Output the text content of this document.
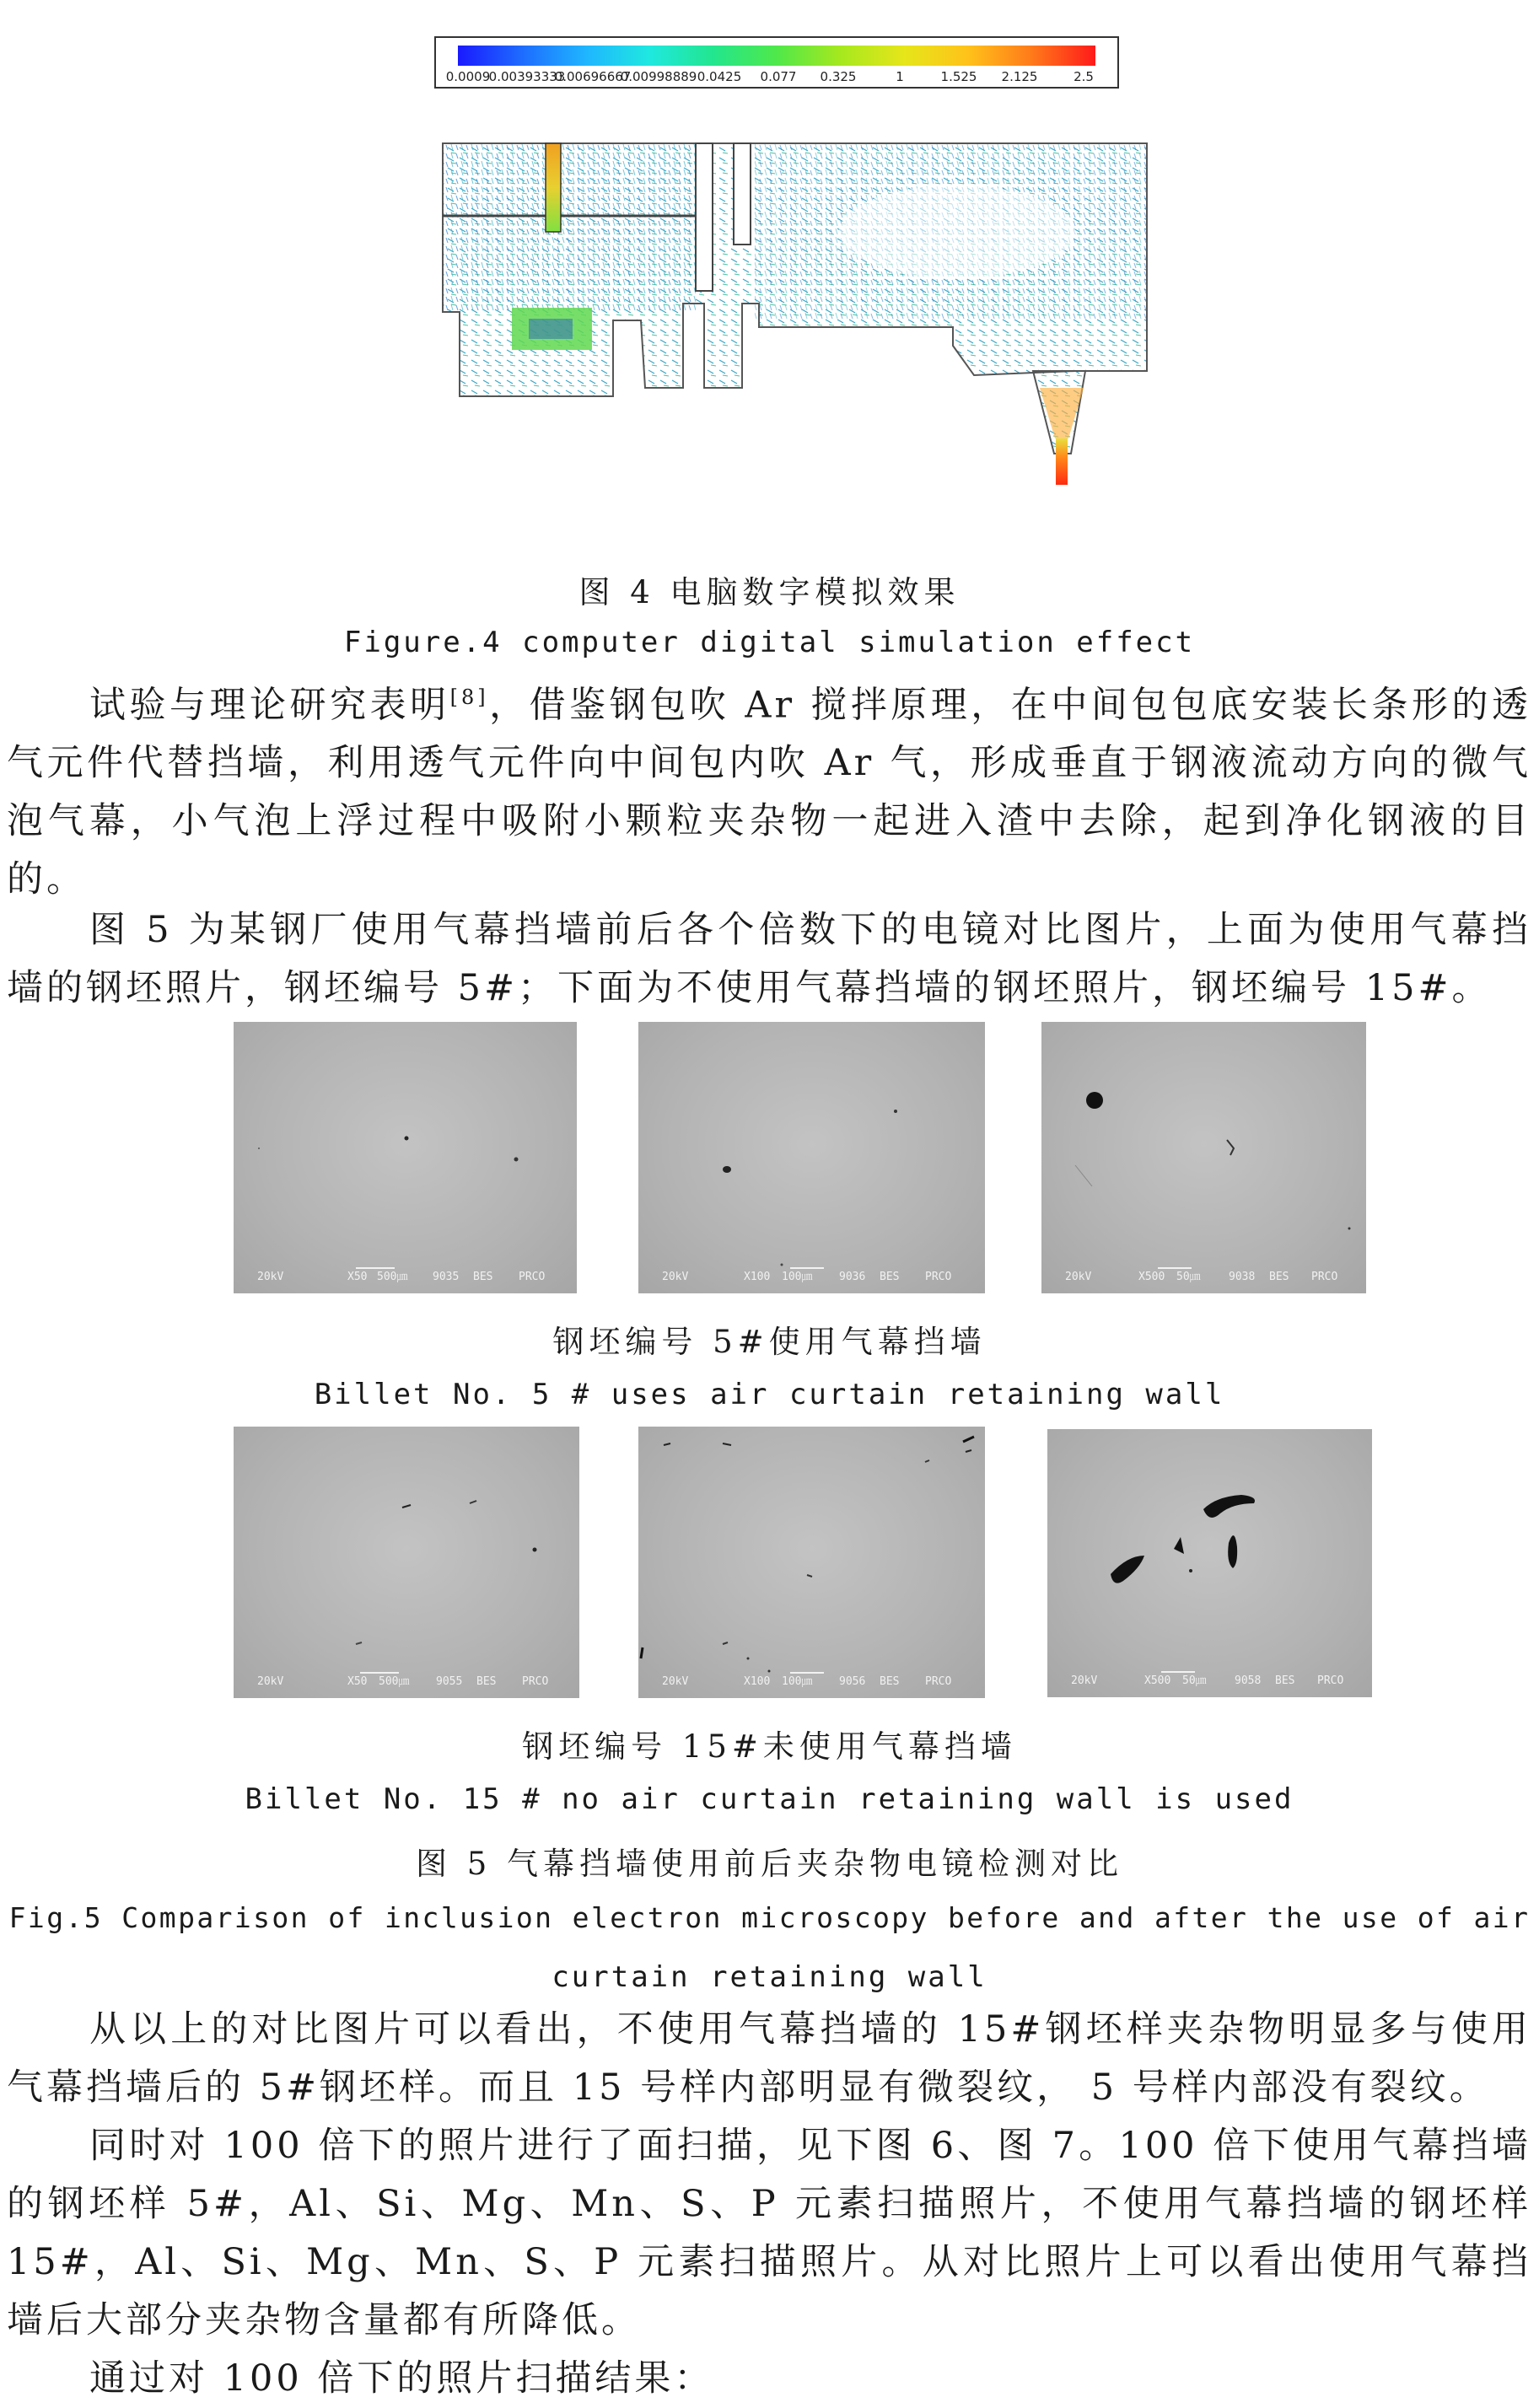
0.0009
0.00393333
0.00696667
0.00998889 0.0425 0.077 0.325	1	1.525 2.125	2.5
图 4 电脑数字模拟效果
Figure.4 computer digital simulation effect
试验与理论研究表明[8]，借鉴钢包吹 Ar 搅拌原理，在中间包包底安装长条形的透气元件代替挡墙，利用透气元件向中间包内吹 Ar 气，形成垂直于钢液流动方向的微气泡气幕，小气泡上浮过程中吸附小颗粒夹杂物一起进入渣中去除，起到净化钢液的目的。
图 5 为某钢厂使用气幕挡墙前后各个倍数下的电镜对比图片，上面为使用气幕挡墙的钢坯照片，钢坯编号 5#；下面为不使用气幕挡墙的钢坯照片，钢坯编号 15#。
20kV	X50 500㎛ 9035 BES PRCO	20kV	X100 100㎛ 9036 BES PRCO	20kV	X500 50㎛	9038 BES PRCO
钢坯编号 5#使用气幕挡墙
Billet No. 5 # uses air curtain retaining wall
20kV	X50 500㎛ 9055 BES PRCO	20kV	X100 100㎛ 9056 BES PRCO	20kV	X500 50㎛	9058 BES PRCO
钢坯编号 15#未使用气幕挡墙
Billet No. 15 # no air curtain retaining wall is used
图 5 气幕挡墙使用前后夹杂物电镜检测对比
Fig.5 Comparison of inclusion electron microscopy before and after the use of air
curtain retaining wall
从以上的对比图片可以看出，不使用气幕挡墙的 15#钢坯样夹杂物明显多与使用气幕挡墙后的 5#钢坯样。而且 15 号样内部明显有微裂纹， 5 号样内部没有裂纹。
同时对 100 倍下的照片进行了面扫描，见下图 6、图 7。100 倍下使用气幕挡墙的钢坯样 5#，Al、Si、Mg、Mn、S、P 元素扫描照片，不使用气幕挡墙的钢坯样 15#，Al、Si、Mg、Mn、S、P 元素扫描照片。从对比照片上可以看出使用气幕挡墙后大部分夹杂物含量都有所降低。
通过对 100 倍下的照片扫描结果：
